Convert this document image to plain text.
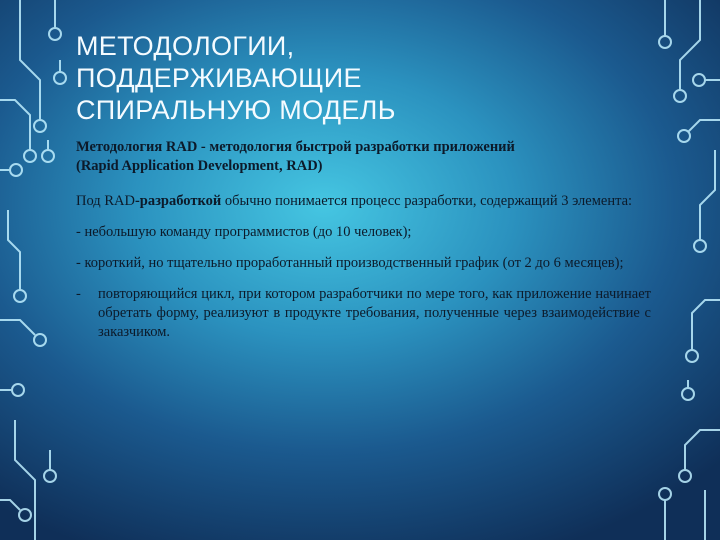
МЕТОДОЛОГИИ,
ПОДДЕРЖИВАЮЩИЕ
СПИРАЛЬНУЮ МОДЕЛЬ

Методология RAD - методология быстрой разработки приложений
(Rapid Application Development, RAD)

Под RAD-разработкой обычно понимается процесс разработки, содержащий 3 элемента:

- небольшую команду программистов (до 10 человек);

- короткий, но тщательно проработанный производственный график (от 2 до 6 месяцев);

-	повторяющийся цикл, при котором разработчики по мере того, как приложение начинает обретать форму, реализуют в продукте требования, полученные через взаимодействие с заказчиком.
